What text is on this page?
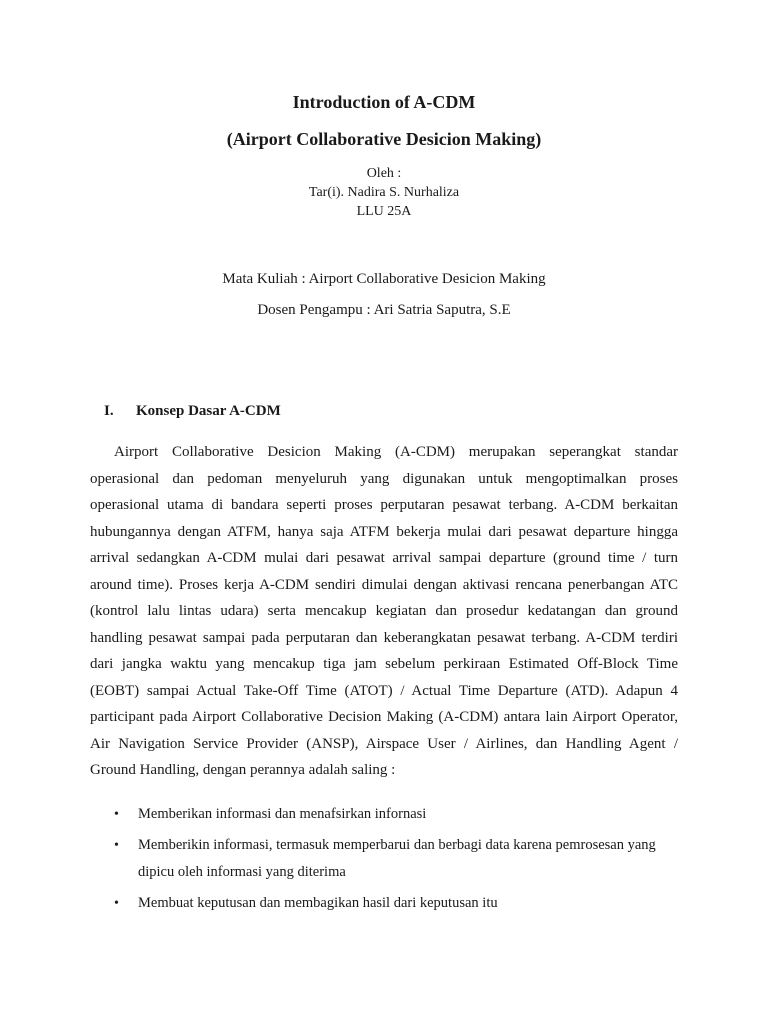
Introduction of A-CDM
(Airport Collaborative Desicion Making)
Oleh :
Tar(i). Nadira S. Nurhaliza
LLU 25A
Mata Kuliah : Airport Collaborative Desicion Making
Dosen Pengampu : Ari Satria Saputra, S.E
I. Konsep Dasar A-CDM
Airport Collaborative Desicion Making (A-CDM) merupakan seperangkat standar
operasional dan pedoman menyeluruh yang digunakan untuk mengoptimalkan proses
operasional utama di bandara seperti proses perputaran pesawat terbang. A-CDM berkaitan
hubungannya dengan ATFM, hanya saja ATFM bekerja mulai dari pesawat departure hingga
arrival sedangkan A-CDM mulai dari pesawat arrival sampai departure (ground time / turn
around time). Proses kerja A-CDM sendiri dimulai dengan aktivasi rencana penerbangan ATC
(kontrol lalu lintas udara) serta mencakup kegiatan dan prosedur kedatangan dan ground
handling pesawat sampai pada perputaran dan keberangkatan pesawat terbang. A-CDM terdiri
dari jangka waktu yang mencakup tiga jam sebelum perkiraan Estimated Off-Block Time
(EOBT) sampai Actual Take-Off Time (ATOT) / Actual Time Departure (ATD). Adapun 4
participant pada Airport Collaborative Decision Making (A-CDM) antara lain Airport Operator,
Air Navigation Service Provider (ANSP), Airspace User / Airlines, dan Handling Agent /
Ground Handling, dengan perannya adalah saling :
• Memberikan informasi dan menafsirkan infornasi
• Memberikin informasi, termasuk memperbarui dan berbagi data karena pemrosesan yang dipicu oleh informasi yang diterima
• Membuat keputusan dan membagikan hasil dari keputusan itu
